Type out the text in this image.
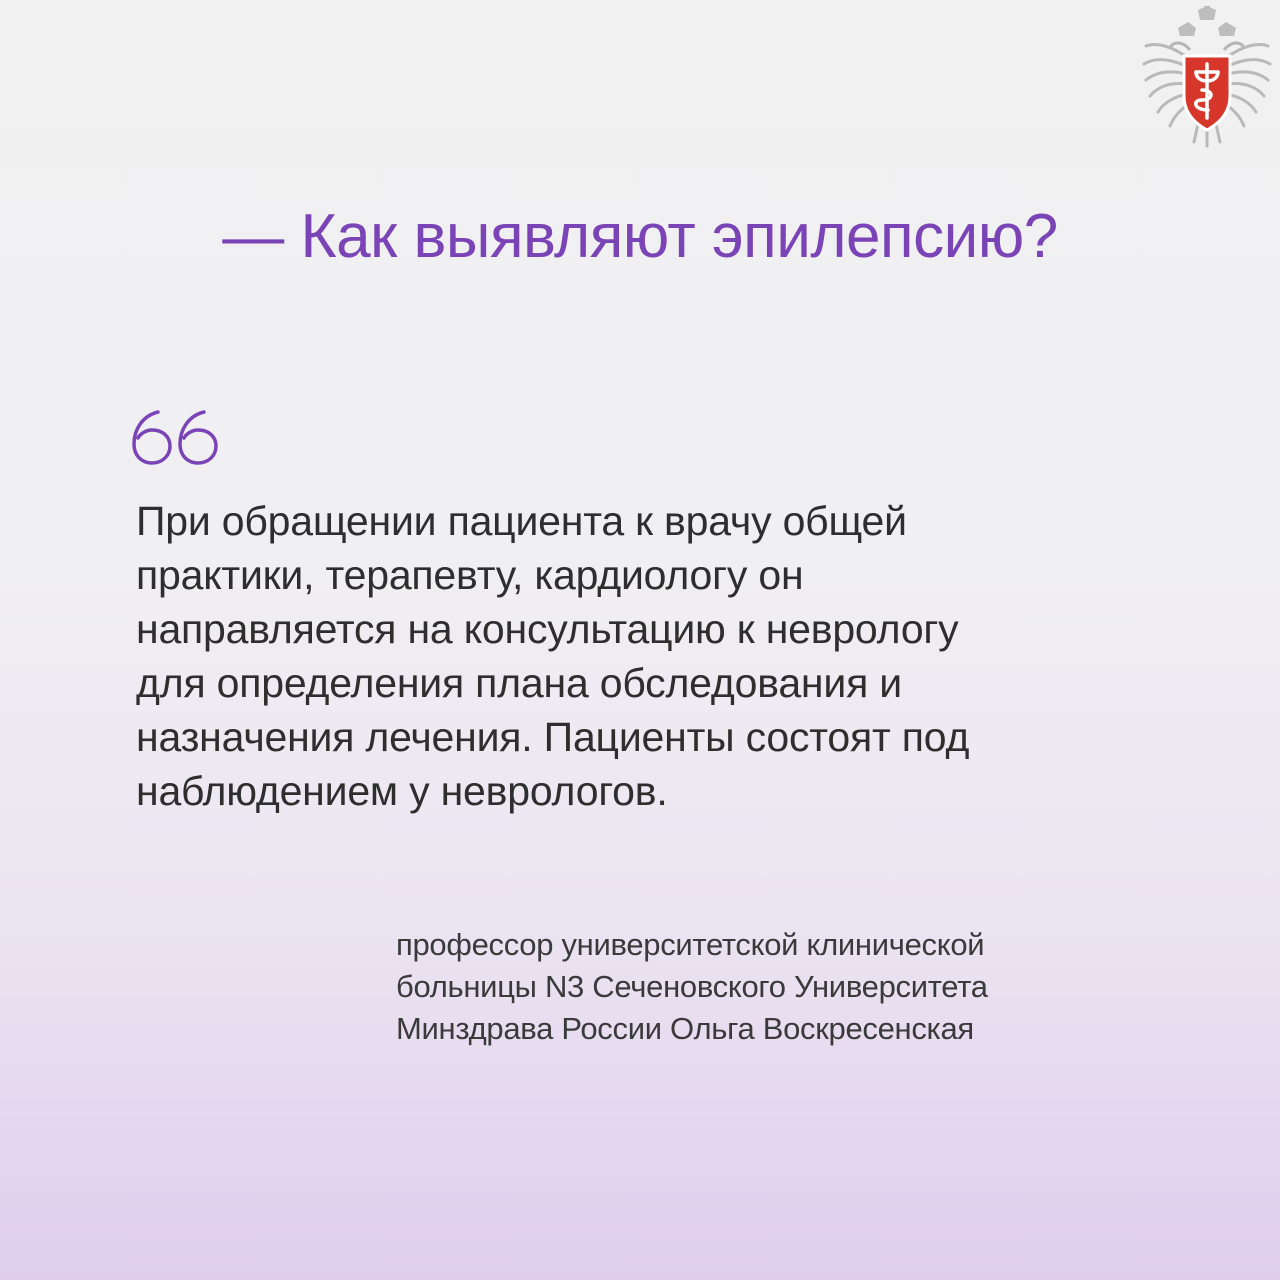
— Как выявляют эпилепсию?
При обращении пациента к врачу общей
практики, терапевту, кардиологу он
направляется на консультацию к неврологу
для определения плана обследования и
назначения лечения. Пациенты состоят под
наблюдением у неврологов.
профессор университетской клинической
больницы N3 Сеченовского Университета
Минздрава России Ольга Воскресенская
